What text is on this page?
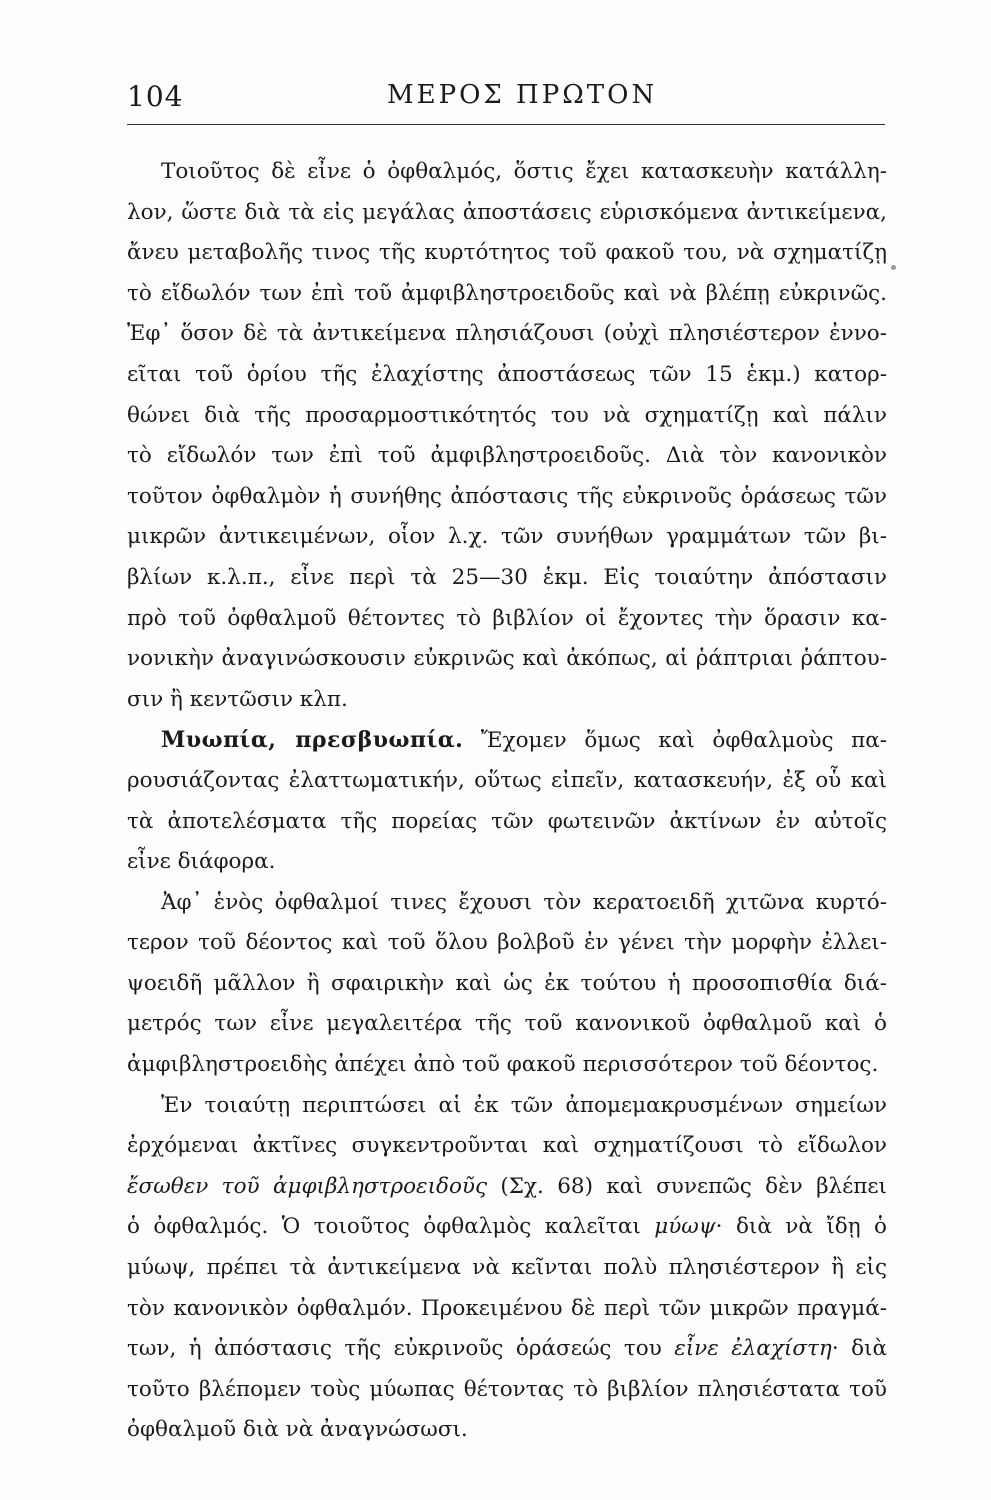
104	ΜΕΡΟΣ ΠΡΩΤΟΝ
Τοιοῦτος δὲ εἶνε ὁ ὀφθαλμός, ὅστις ἔχει κατασκευὴν κατάλλη-
λον, ὥστε διὰ τὰ εἰς μεγάλας ἀποστάσεις εὑρισκόμενα ἀντικείμενα,
ἄνευ μεταβολῆς τινος τῆς κυρτότητος τοῦ φακοῦ του, νὰ σχηματίζῃ
τὸ εἴδωλόν των ἐπὶ τοῦ ἀμφιβληστροειδοῦς καὶ νὰ βλέπῃ εὐκρινῶς.
Ἐφ᾽ ὅσον δὲ τὰ ἀντικείμενα πλησιάζουσι (οὐχὶ πλησιέστερον ἐννο-
εῖται τοῦ ὁρίου τῆς ἐλαχίστης ἀποστάσεως τῶν 15 ἑκμ.) κατορ-
θώνει διὰ τῆς προσαρμοστικότητός του νὰ σχηματίζῃ καὶ πάλιν
τὸ εἴδωλόν των ἐπὶ τοῦ ἀμφιβληστροειδοῦς. Διὰ τὸν κανονικὸν
τοῦτον ὀφθαλμὸν ἡ συνήθης ἀπόστασις τῆς εὐκρινοῦς ὁράσεως τῶν
μικρῶν ἀντικειμένων, οἷον λ.χ. τῶν συνήθων γραμμάτων τῶν βι-
βλίων κ.λ.π., εἶνε περὶ τὰ 25—30 ἑκμ. Εἰς τοιαύτην ἀπόστασιν
πρὸ τοῦ ὀφθαλμοῦ θέτοντες τὸ βιβλίον οἱ ἔχοντες τὴν ὅρασιν κα-
νονικὴν ἀναγινώσκουσιν εὐκρινῶς καὶ ἀκόπως, αἱ ῥάπτριαι ῥάπτου-
σιν ἢ κεντῶσιν κλπ.
Μυωπία, πρεσβυωπία. Ἔχομεν ὅμως καὶ ὀφθαλμοὺς πα-
ρουσιάζοντας ἐλαττωματικήν, οὕτως εἰπεῖν, κατασκευήν, ἐξ οὗ καὶ
τὰ ἀποτελέσματα τῆς πορείας τῶν φωτεινῶν ἀκτίνων ἐν αὐτοῖς
εἶνε διάφορα.
Ἀφ᾽ ἑνὸς ὀφθαλμοί τινες ἔχουσι τὸν κερατοειδῆ χιτῶνα κυρτό-
τερον τοῦ δέοντος καὶ τοῦ ὅλου βολβοῦ ἐν γένει τὴν μορφὴν ἐλλει-
ψοειδῆ μᾶλλον ἢ σφαιρικὴν καὶ ὡς ἐκ τούτου ἡ προσοπισθία διά-
μετρός των εἶνε μεγαλειτέρα τῆς τοῦ κανονικοῦ ὀφθαλμοῦ καὶ ὁ
ἀμφιβληστροειδὴς ἀπέχει ἀπὸ τοῦ φακοῦ περισσότερον τοῦ δέοντος.
Ἐν τοιαύτῃ περιπτώσει αἱ ἐκ τῶν ἀπομεμακρυσμένων σημείων
ἐρχόμεναι ἀκτῖνες συγκεντροῦνται καὶ σχηματίζουσι τὸ εἴδωλον
ἔσωθεν τοῦ ἀμφιβληστροειδοῦς (Σχ. 68) καὶ συνεπῶς δὲν βλέπει
ὁ ὀφθαλμός. Ὁ τοιοῦτος ὀφθαλμὸς καλεῖται μύωψ· διὰ νὰ ἴδῃ ὁ
μύωψ, πρέπει τὰ ἀντικείμενα νὰ κεῖνται πολὺ πλησιέστερον ἢ εἰς
τὸν κανονικὸν ὀφθαλμόν. Προκειμένου δὲ περὶ τῶν μικρῶν πραγμά-
των, ἡ ἀπόστασις τῆς εὐκρινοῦς ὁράσεώς του εἶνε ἐλαχίστη· διὰ
τοῦτο βλέπομεν τοὺς μύωπας θέτοντας τὸ βιβλίον πλησιέστατα τοῦ
ὀφθαλμοῦ διὰ νὰ ἀναγνώσωσι.
